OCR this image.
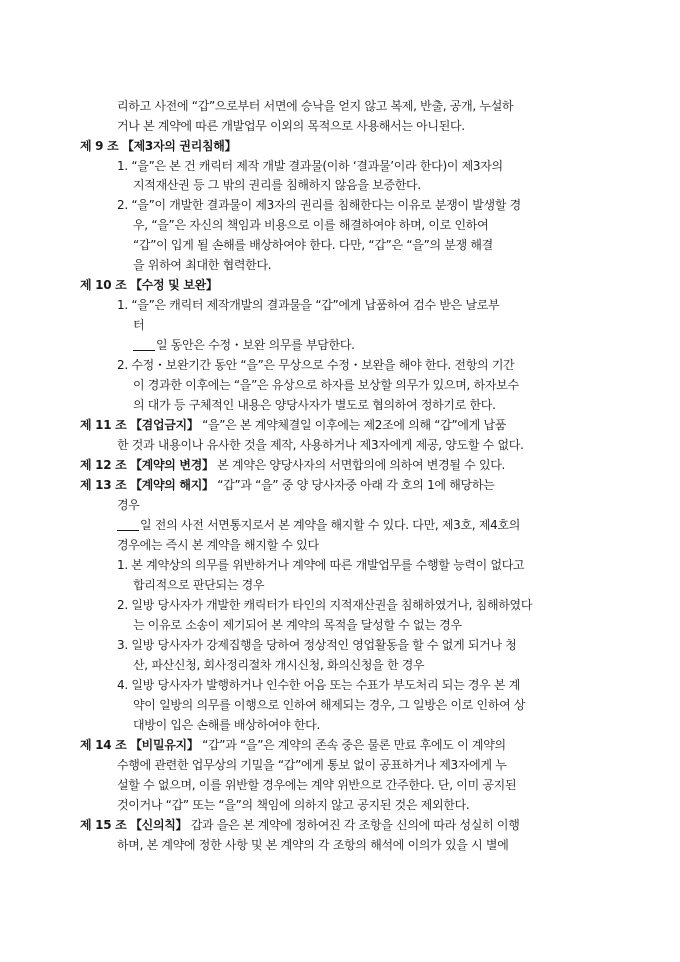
리하고 사전에 “갑”으로부터 서면에 승낙을 얻지 않고 복제, 반출, 공개, 누설하
거나 본 계약에 따른 개발업무 이외의 목적으로 사용해서는 아니된다.
제 9 조 【제3자의 권리침해】
1. “을”은 본 건 캐릭터 제작 개발 결과물(이하 ‘결과물’이라 한다)이 제3자의
지적재산권 등 그 밖의 권리를 침해하지 않음을 보증한다.
2. “을”이 개발한 결과물이 제3자의 권리를 침해한다는 이유로 분쟁이 발생할 경
우, “을”은 자신의 책임과 비용으로 이를 해결하여야 하며, 이로 인하여
“갑”이 입게 될 손해를 배상하여야 한다. 다만, “갑”은 “을”의 분쟁 해결
을 위하여 최대한 협력한다.
제 10 조 【수정 및 보완】
1. “을”은 캐릭터 제작개발의 결과물을 “갑”에게 납품하여 검수 받은 날로부
터
일 동안은 수정・보완 의무를 부담한다.
2. 수정・보완기간 동안 “을”은 무상으로 수정・보완을 해야 한다. 전항의 기간
이 경과한 이후에는 “을”은 유상으로 하자를 보상할 의무가 있으며, 하자보수
의 대가 등 구체적인 내용은 양당사자가 별도로 협의하여 정하기로 한다.
제 11 조 【겸업금지】 “을”은 본 계약체결일 이후에는 제2조에 의해 “갑”에게 납품
한 것과 내용이나 유사한 것을 제작, 사용하거나 제3자에게 제공, 양도할 수 없다.
제 12 조 【계약의 변경】 본 계약은 양당사자의 서면합의에 의하여 변경될 수 있다.
제 13 조 【계약의 해지】 “갑”과 “을” 중 양 당사자중 아래 각 호의 1에 해당하는
경우
일 전의 사전 서면통지로서 본 계약을 해지할 수 있다. 다만, 제3호, 제4호의
경우에는 즉시 본 계약을 해지할 수 있다
1. 본 계약상의 의무를 위반하거나 계약에 따른 개발업무를 수행할 능력이 없다고
합리적으로 판단되는 경우
2. 일방 당사자가 개발한 캐릭터가 타인의 지적재산권을 침해하였거나, 침해하였다
는 이유로 소송이 제기되어 본 계약의 목적을 달성할 수 없는 경우
3. 일방 당사자가 강제집행을 당하여 정상적인 영업활동을 할 수 없게 되거나 청
산, 파산신청, 회사정리절차 개시신청, 화의신청을 한 경우
4. 일방 당사자가 발행하거나 인수한 어음 또는 수표가 부도처리 되는 경우 본 계
약이 일방의 의무를 이행으로 인하여 해제되는 경우, 그 일방은 이로 인하여 상
대방이 입은 손해를 배상하여야 한다.
제 14 조 【비밀유지】 “갑”과 “을”은 계약의 존속 중은 물론 만료 후에도 이 계약의
수행에 관련한 업무상의 기밀을 “갑”에게 통보 없이 공표하거나 제3자에게 누
설할 수 없으며, 이를 위반할 경우에는 계약 위반으로 간주한다. 단, 이미 공지된
것이거나 “갑” 또는 “을”의 책임에 의하지 않고 공지된 것은 제외한다.
제 15 조 【신의칙】 갑과 을은 본 계약에 정하여진 각 조항을 신의에 따라 성실히 이행
하며, 본 계약에 정한 사항 및 본 계약의 각 조항의 해석에 이의가 있을 시 별에
